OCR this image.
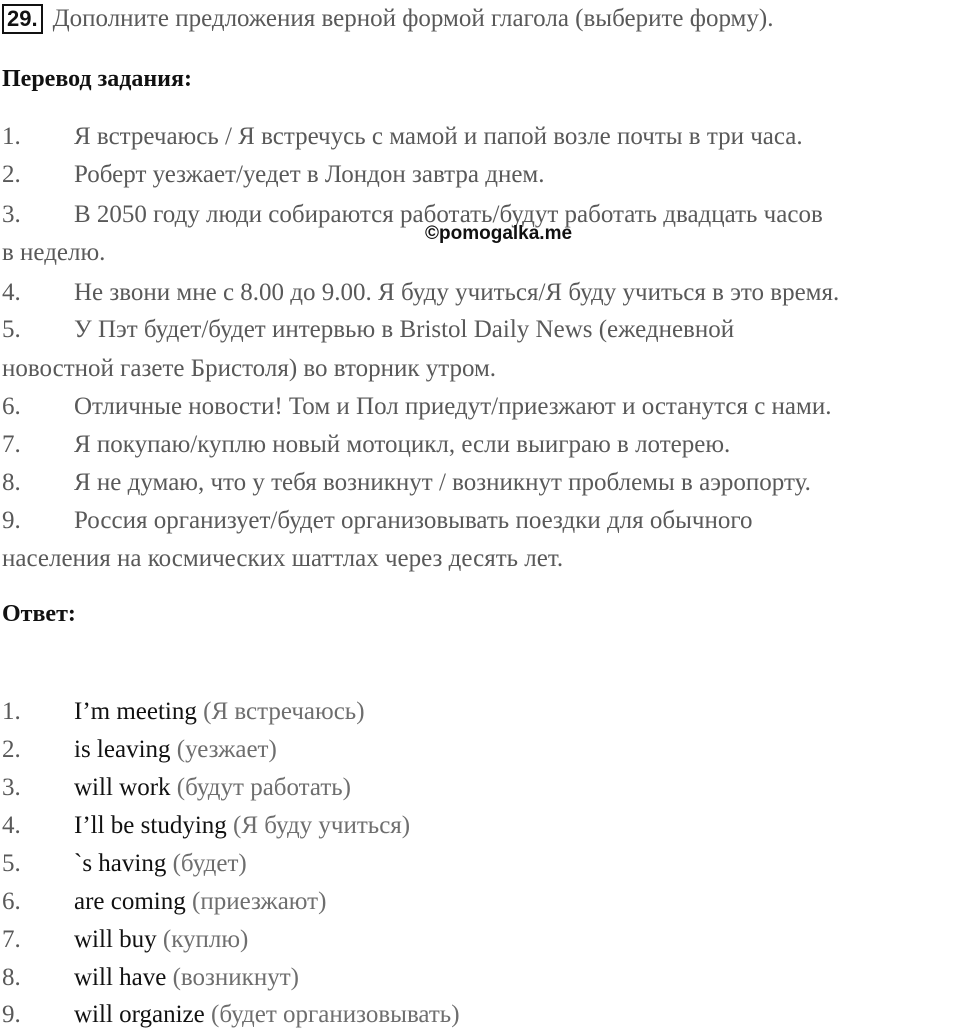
29. Дополните предложения верной формой глагола (выберите форму).
Перевод задания:
1. Я встречаюсь / Я встречусь с мамой и папой возле почты в три часа.
2. Роберт уезжает/уедет в Лондон завтра днем.
3. В 2050 году люди собираются работать/будут работать двадцать часов
в неделю.
4. Не звони мне с 8.00 до 9.00. Я буду учиться/Я буду учиться в это время.
5. У Пэт будет/будет интервью в Bristol Daily News (ежедневной
новостной газете Бристоля) во вторник утром.
6. Отличные новости! Том и Пол приедут/приезжают и останутся с нами.
7. Я покупаю/куплю новый мотоцикл, если выиграю в лотерею.
8. Я не думаю, что у тебя возникнут / возникнут проблемы в аэропорту.
9. Россия организует/будет организовывать поездки для обычного
населения на космических шаттлах через десять лет.
©pomogalka.me
Ответ:
1. I’m meeting (Я встречаюсь)
2. is leaving (уезжает)
3. will work (будут работать)
4. I’ll be studying (Я буду учиться)
5. `s having (будет)
6. are coming (приезжают)
7. will buy (куплю)
8. will have (возникнут)
9. will organize (будет организовывать)
